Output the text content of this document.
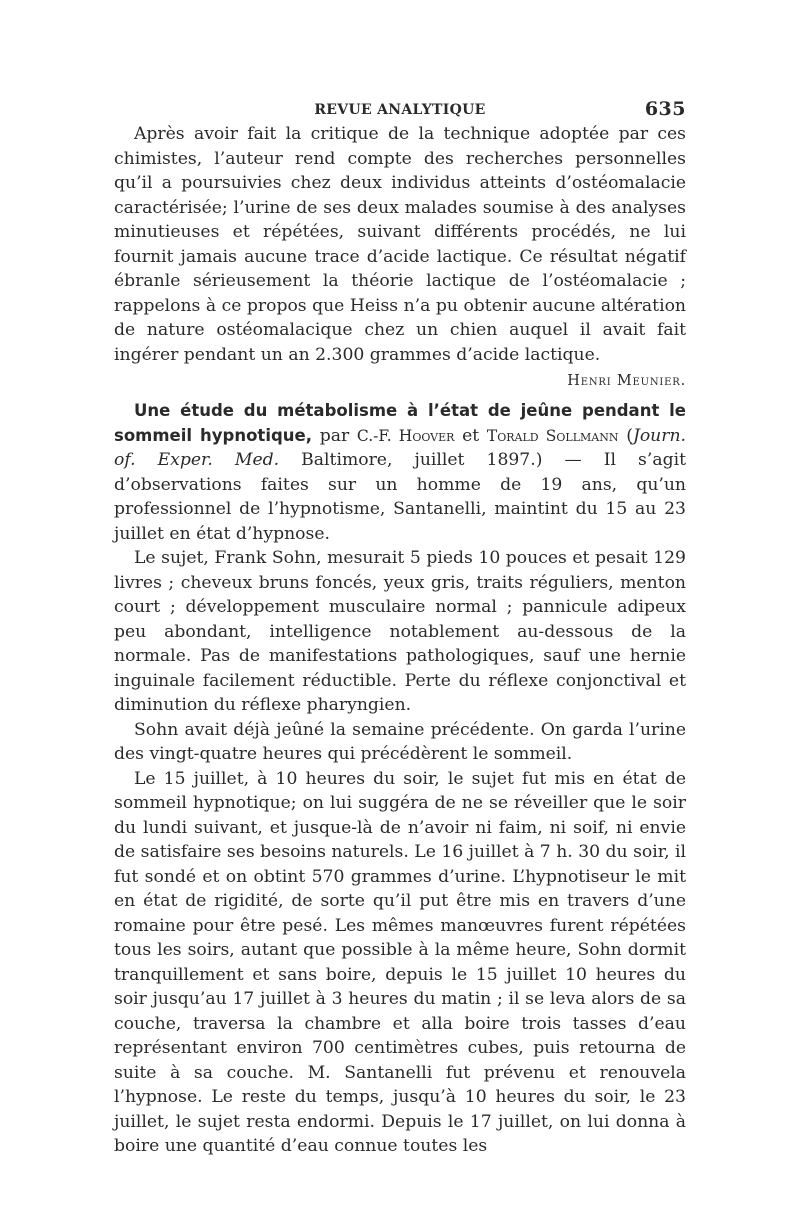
REVUE ANALYTIQUE	635

Après avoir fait la critique de la technique adoptée par ces chimistes, l’auteur rend compte des recherches personnelles qu’il a poursuivies chez deux individus atteints d’ostéomalacie caractérisée; l’urine de ses deux malades soumise à des analyses minutieuses et répétées, suivant différents procédés, ne lui fournit jamais aucune trace d’acide lactique. Ce résultat négatif ébranle sérieusement la théorie lactique de l’ostéomalacie ; rappelons à ce propos que Heiss n’a pu obtenir aucune altération de nature ostéomalacique chez un chien auquel il avait fait ingérer pendant un an 2.300 grammes d’acide lactique.

Henri Meunier.

Une étude du métabolisme à l’état de jeûne pendant le sommeil hypnotique, par C.-F. Hoover et Torald Sollmann (Journ. of. Exper. Med. Baltimore, juillet 1897.) — Il s’agit d’observations faites sur un homme de 19 ans, qu’un professionnel de l’hypnotisme, Santanelli, maintint du 15 au 23 juillet en état d’hypnose.

Le sujet, Frank Sohn, mesurait 5 pieds 10 pouces et pesait 129 livres ; cheveux bruns foncés, yeux gris, traits réguliers, menton court ; développement musculaire normal ; pannicule adipeux peu abondant, intelligence notablement au-dessous de la normale. Pas de manifestations pathologiques, sauf une hernie inguinale facilement réductible. Perte du réflexe conjonctival et diminution du réflexe pharyngien.

Sohn avait déjà jeûné la semaine précédente. On garda l’urine des vingt-quatre heures qui précédèrent le sommeil.

Le 15 juillet, à 10 heures du soir, le sujet fut mis en état de sommeil hypnotique; on lui suggéra de ne se réveiller que le soir du lundi suivant, et jusque-là de n’avoir ni faim, ni soif, ni envie de satisfaire ses besoins naturels. Le 16 juillet à 7 h. 30 du soir, il fut sondé et on obtint 570 grammes d’urine. L’hypnotiseur le mit en état de rigidité, de sorte qu’il put être mis en travers d’une romaine pour être pesé. Les mêmes manœuvres furent répétées tous les soirs, autant que possible à la même heure, Sohn dormit tranquillement et sans boire, depuis le 15 juillet 10 heures du soir jusqu’au 17 juillet à 3 heures du matin ; il se leva alors de sa couche, traversa la chambre et alla boire trois tasses d’eau représentant environ 700 centimètres cubes, puis retourna de suite à sa couche. M. Santanelli fut prévenu et renouvela l’hypnose. Le reste du temps, jusqu’à 10 heures du soir, le 23 juillet, le sujet resta endormi. Depuis le 17 juillet, on lui donna à boire une quantité d’eau connue toutes les
